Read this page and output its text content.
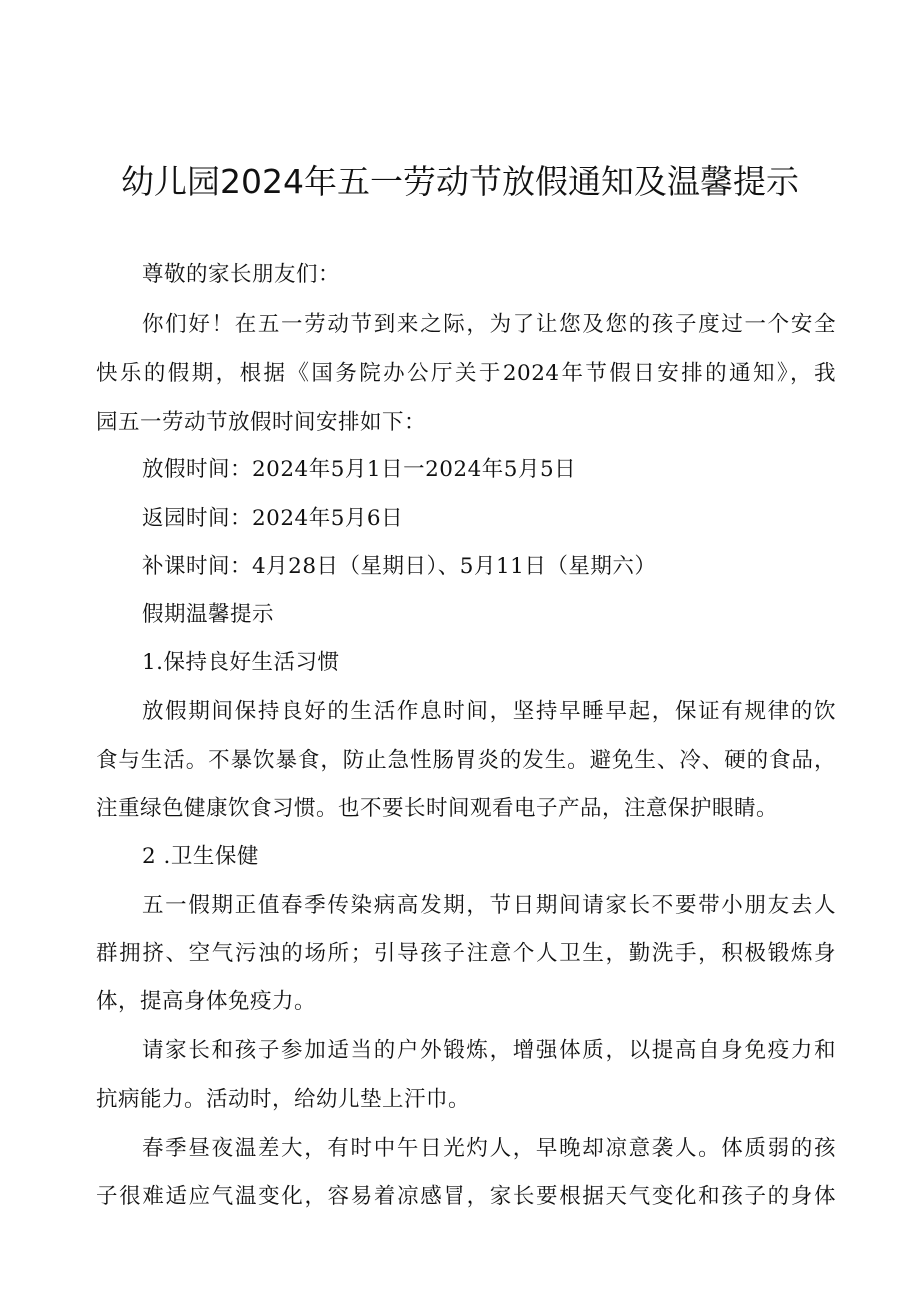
幼儿园2024年五一劳动节放假通知及温馨提示
尊敬的家长朋友们：
你们好！在五一劳动节到来之际，为了让您及您的孩子度过一个安全
快乐的假期，根据《国务院办公厅关于2024年节假日安排的通知》，我
园五一劳动节放假时间安排如下：
放假时间：2024年5月1日一2024年5月5日
返园时间：2024年5月6日
补课时间：4月28日（星期日）、5月11日（星期六）
假期温馨提示
1.保持良好生活习惯
放假期间保持良好的生活作息时间，坚持早睡早起，保证有规律的饮
食与生活。不暴饮暴食，防止急性肠胃炎的发生。避免生、冷、硬的食品，
注重绿色健康饮食习惯。也不要长时间观看电子产品，注意保护眼睛。
2 .卫生保健
五一假期正值春季传染病高发期，节日期间请家长不要带小朋友去人
群拥挤、空气污浊的场所；引导孩子注意个人卫生，勤洗手，积极锻炼身
体，提高身体免疫力。
请家长和孩子参加适当的户外锻炼，增强体质，以提高自身免疫力和
抗病能力。活动时，给幼儿垫上汗巾。
春季昼夜温差大，有时中午日光灼人，早晚却凉意袭人。体质弱的孩
子很难适应气温变化，容易着凉感冒，家长要根据天气变化和孩子的身体
